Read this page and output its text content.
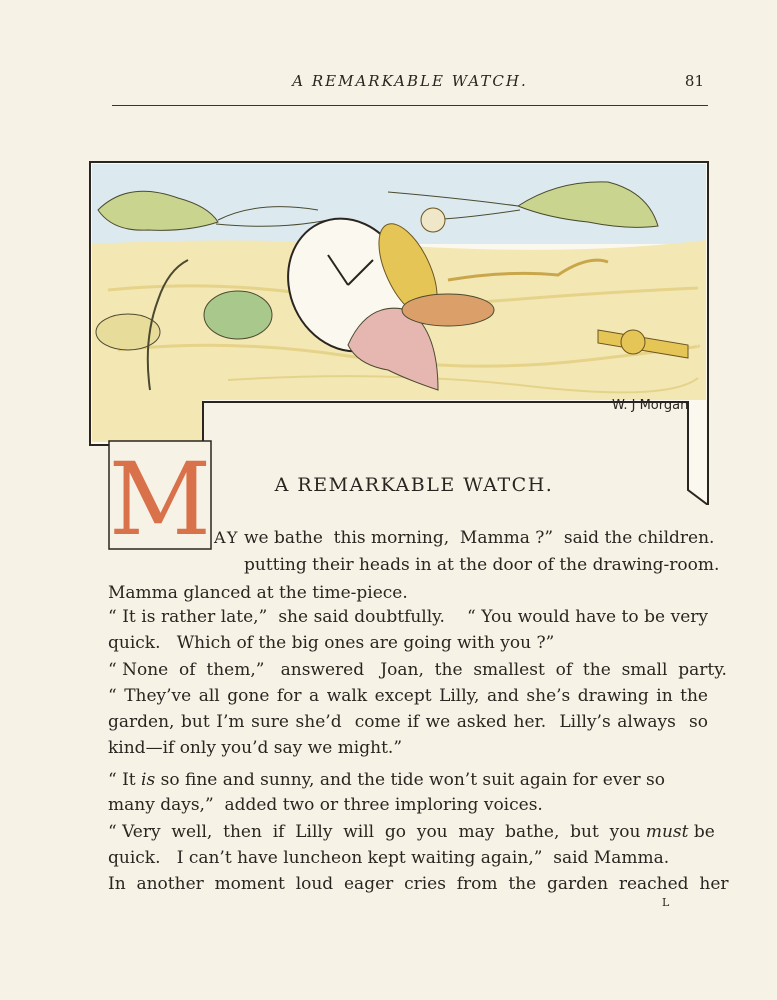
A REMARKABLE WATCH.	81
W. J Morgan
M AY
A REMARKABLE WATCH.
we bathe  this morning,  Mamma ?”  said the children.
putting their heads in at the door of the drawing-room.
Mamma glanced at the time-piece.
“ It is rather late,”  she said doubtfully.    “ You would have to be very
quick.   Which of the big ones are going with you ?”
“ None  of  them,”   answered   Joan,  the  smallest  of  the  small  party.
“ They’ve all gone for a walk except Lilly, and she’s drawing in the
garden, but I’m sure she’d  come if we asked her.  Lilly’s always  so
kind—if only you’d say we might.”
“ It is so fine and sunny, and the tide won’t suit again for ever so
many days,”  added two or three imploring voices.
“ Very  well,  then  if  Lilly  will  go  you  may  bathe,  but  you must be
quick.   I can’t have luncheon kept waiting again,”  said Mamma.
In  another  moment  loud  eager  cries  from  the  garden  reached  her
L
